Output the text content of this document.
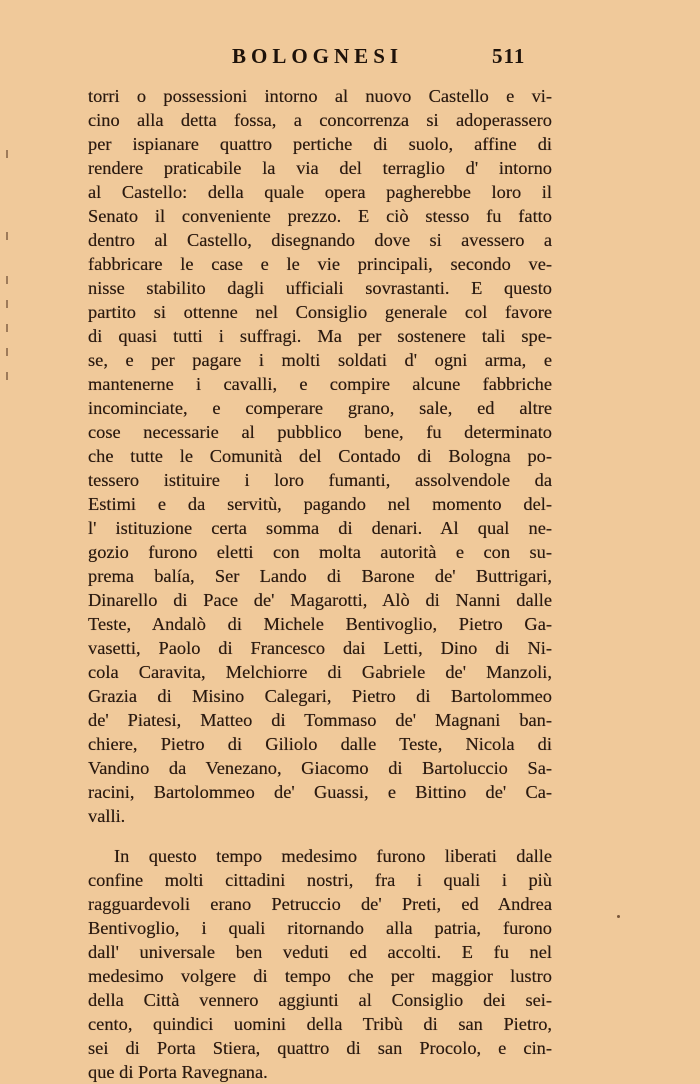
BOLOGNESI	511
torri o possessioni intorno al nuovo Castello e vi-
cino alla detta fossa, a concorrenza si adoperassero
per ispianare quattro pertiche di suolo, affine di
rendere praticabile la via del terraglio d' intorno
al Castello: della quale opera pagherebbe loro il
Senato il conveniente prezzo. E ciò stesso fu fatto
dentro al Castello, disegnando dove si avessero a
fabbricare le case e le vie principali, secondo ve-
nisse stabilito dagli ufficiali sovrastanti. E questo
partito si ottenne nel Consiglio generale col favore
di quasi tutti i suffragi. Ma per sostenere tali spe-
se, e per pagare i molti soldati d' ogni arma, e
mantenerne i cavalli, e compire alcune fabbriche
incominciate, e comperare grano, sale, ed altre
cose necessarie al pubblico bene, fu determinato
che tutte le Comunità del Contado di Bologna po-
tessero istituire i loro fumanti, assolvendole da
Estimi e da servitù, pagando nel momento del-
l' istituzione certa somma di denari. Al qual ne-
gozio furono eletti con molta autorità e con su-
prema balía, Ser Lando di Barone de' Buttrigari,
Dinarello di Pace de' Magarotti, Alò di Nanni dalle
Teste, Andalò di Michele Bentivoglio, Pietro Ga-
vasetti, Paolo di Francesco dai Letti, Dino di Ni-
cola Caravita, Melchiorre di Gabriele de' Manzoli,
Grazia di Misino Calegari, Pietro di Bartolommeo
de' Piatesi, Matteo di Tommaso de' Magnani ban-
chiere, Pietro di Giliolo dalle Teste, Nicola di
Vandino da Venezano, Giacomo di Bartoluccio Sa-
racini, Bartolommeo de' Guassi, e Bittino de' Ca-
valli.

In questo tempo medesimo furono liberati dalle
confine molti cittadini nostri, fra i quali i più
ragguardevoli erano Petruccio de' Preti, ed Andrea
Bentivoglio, i quali ritornando alla patria, furono
dall' universale ben veduti ed accolti. E fu nel
medesimo volgere di tempo che per maggior lustro
della Città vennero aggiunti al Consiglio dei sei-
cento, quindici uomini della Tribù di san Pietro,
sei di Porta Stiera, quattro di san Procolo, e cin-
que di Porta Ravegnana.
